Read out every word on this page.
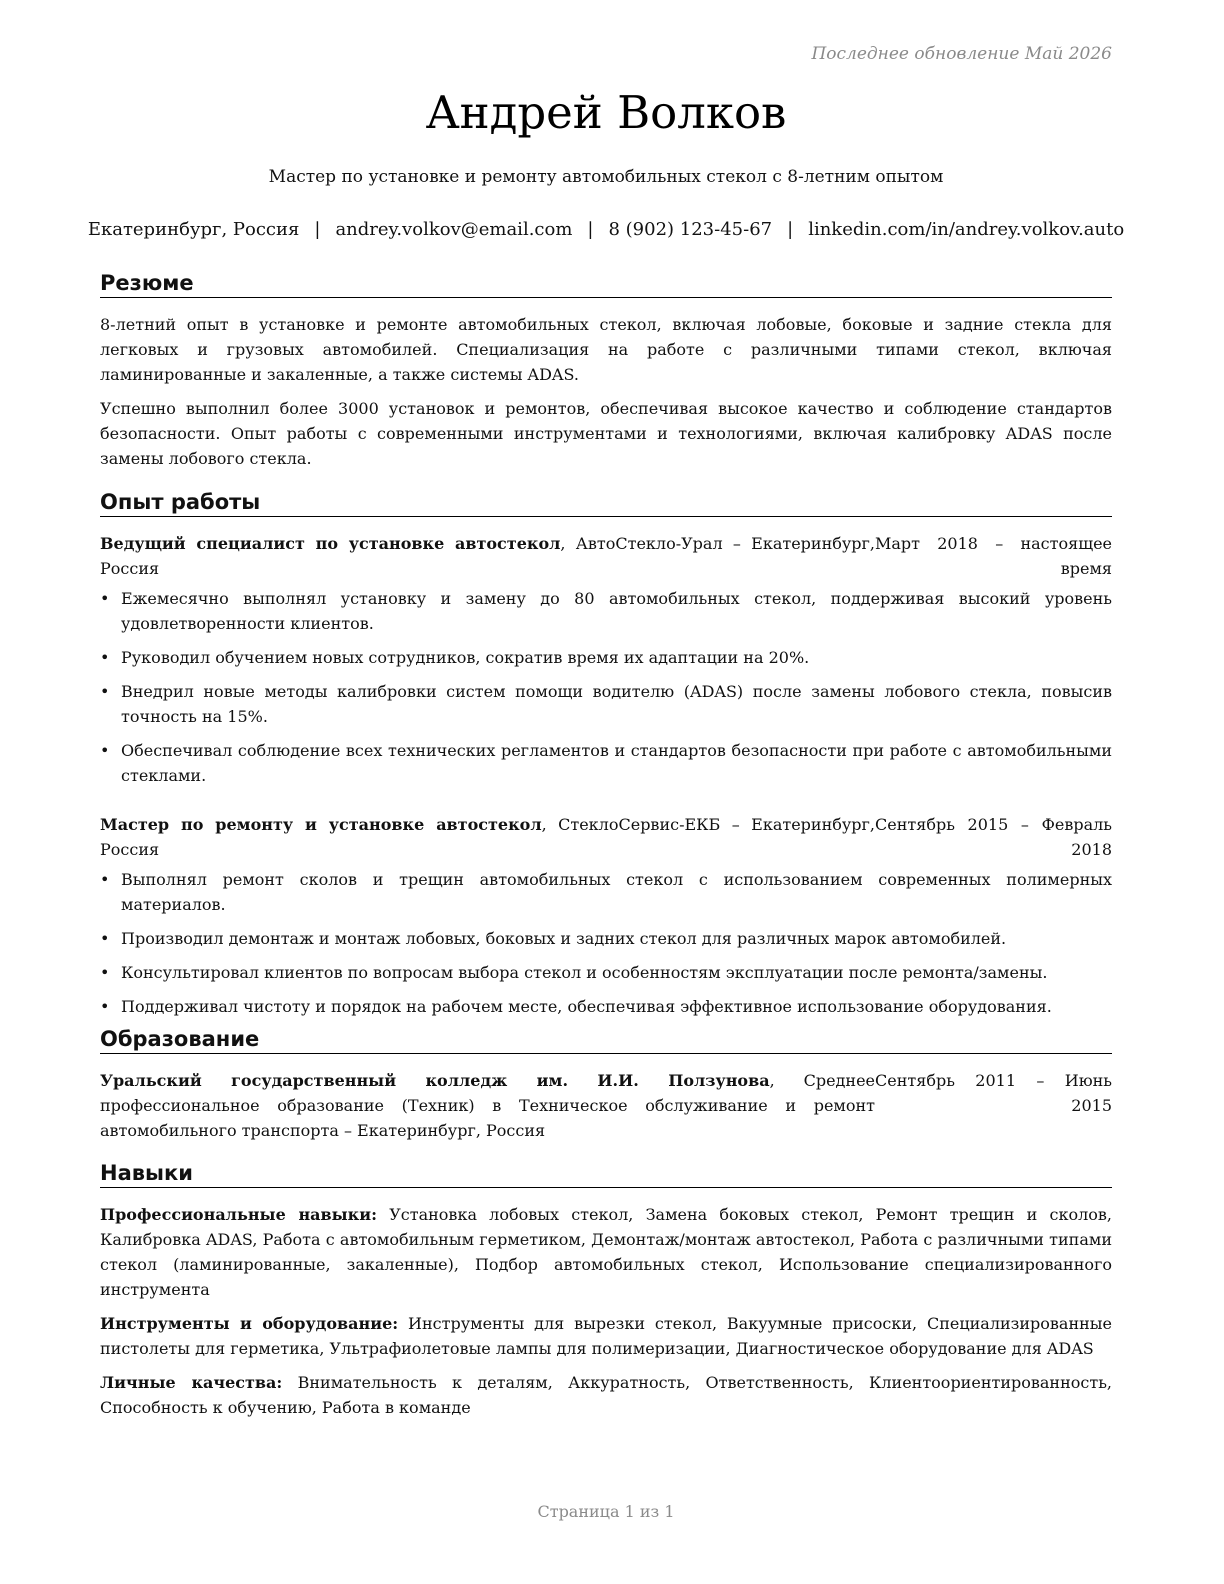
Последнее обновление Май 2026
Андрей Волков
Мастер по установке и ремонту автомобильных стекол с 8-летним опытом
Екатеринбург, Россия | andrey.volkov@email.com | 8 (902) 123-45-67 | linkedin.com/in/andrey.volkov.auto
Резюме

8-летний опыт в установке и ремонте автомобильных стекол, включая лобовые, боковые и задние стекла для легковых и грузовых автомобилей. Специализация на работе с различными типами стекол, включая ламинированные и закаленные, а также системы ADAS.

Успешно выполнил более 3000 установок и ремонтов, обеспечивая высокое качество и соблюдение стандартов безопасности. Опыт работы с современными инструментами и технологиями, включая калибровку ADAS после замены лобового стекла.

Опыт работы
Ведущий специалист по установке автостекол, АвтоСтекло-Урал – Екатеринбург, Россия
Март 2018 – настоящее
время
• Ежемесячно выполнял установку и замену до 80 автомобильных стекол, поддерживая высокий уровень удовлетворенности клиентов.
• Руководил обучением новых сотрудников, сократив время их адаптации на 20%.
• Внедрил новые методы калибровки систем помощи водителю (ADAS) после замены лобового стекла, повысив точность на 15%.
• Обеспечивал соблюдение всех технических регламентов и стандартов безопасности при работе с автомобильными стеклами.
Мастер по ремонту и установке автостекол, СтеклоСервис-ЕКБ – Екатеринбург, Россия
Сентябрь 2015 – Февраль
2018
• Выполнял ремонт сколов и трещин автомобильных стекол с использованием современных полимерных материалов.
• Производил демонтаж и монтаж лобовых, боковых и задних стекол для различных марок автомобилей.
• Консультировал клиентов по вопросам выбора стекол и особенностям эксплуатации после ремонта/замены.
• Поддерживал чистоту и порядок на рабочем месте, обеспечивая эффективное использование оборудования.
Образование
Уральский государственный колледж им. И.И. Ползунова, Среднее профессиональное образование (Техник) в Техническое обслуживание и ремонт автомобильного транспорта – Екатеринбург, Россия
Сентябрь 2011 – Июнь
2015
Навыки

Профессиональные навыки: Установка лобовых стекол, Замена боковых стекол, Ремонт трещин и сколов, Калибровка ADAS, Работа с автомобильным герметиком, Демонтаж/монтаж автостекол, Работа с различными типами стекол (ламинированные, закаленные), Подбор автомобильных стекол, Использование специализированного инструмента

Инструменты и оборудование: Инструменты для вырезки стекол, Вакуумные присоски, Специализированные пистолеты для герметика, Ультрафиолетовые лампы для полимеризации, Диагностическое оборудование для ADAS

Личные качества: Внимательность к деталям, Аккуратность, Ответственность, Клиентоориентированность, Способность к обучению, Работа в команде

Страница 1 из 1
